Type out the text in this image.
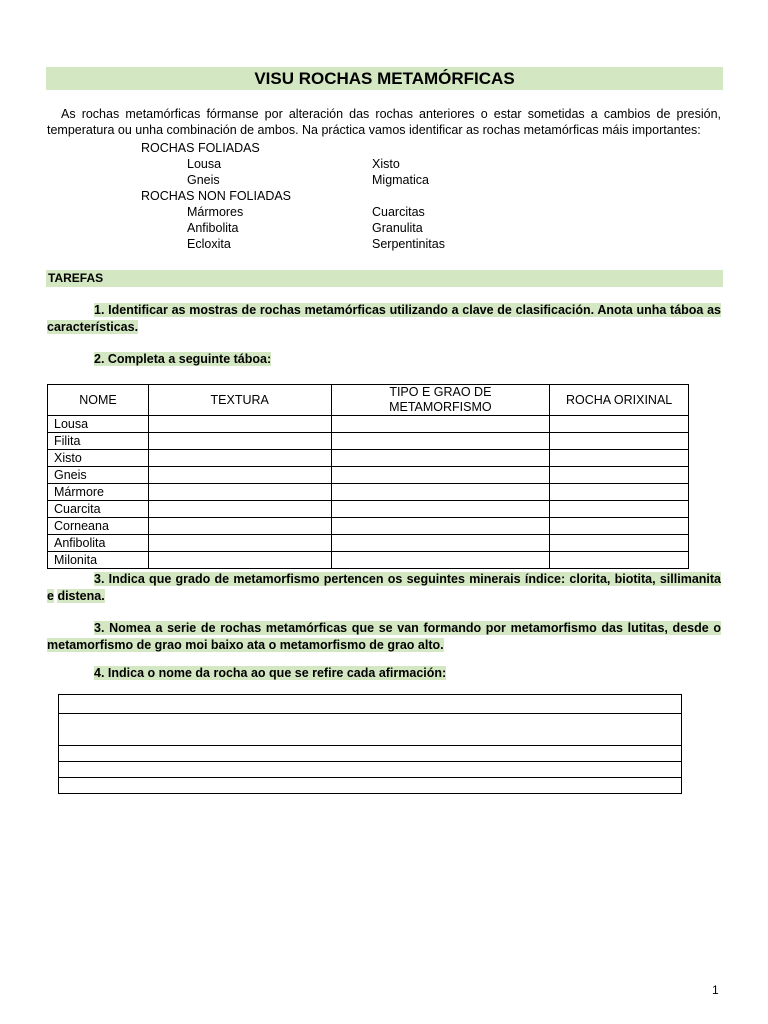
VISU ROCHAS METAMÓRFICAS
As rochas metamórficas fórmanse por alteración das rochas anteriores o estar sometidas a cambios de presión, temperatura ou unha combinación de ambos. Na práctica vamos identificar as rochas metamórficas máis importantes:
ROCHAS FOLIADAS
Lousa	Xisto
Gneis	Migmatica
ROCHAS NON FOLIADAS
Mármores	Cuarcitas
Anfibolita	Granulita
Ecloxita	Serpentinitas
TAREFAS
1. Identificar as mostras de rochas metamórficas utilizando a clave de clasificación. Anota unha táboa as características.
2. Completa a seguinte táboa:
NOME	TEXTURA	TIPO E GRAO DE METAMORFISMO	ROCHA ORIXINAL
Lousa			
Filita			
Xisto			
Gneis			
Mármore			
Cuarcita			
Corneana			
Anfibolita			
Milonita			
3. Indica que grado de metamorfismo pertencen os seguintes minerais índice: clorita, biotita, sillimanita e distena.
3. Nomea a serie de rochas metamórficas que se van formando por metamorfismo das lutitas, desde o metamorfismo de grao moi baixo ata o metamorfismo de grao alto.
4. Indica o nome da rocha ao que se refire cada afirmación:

1
